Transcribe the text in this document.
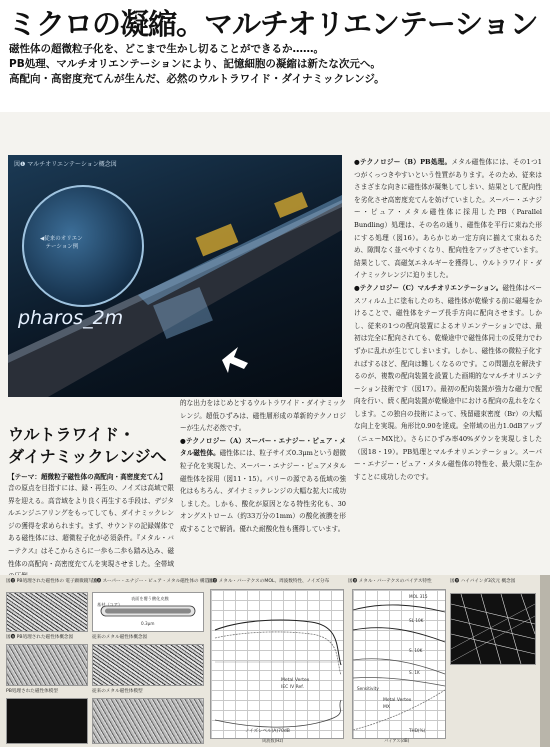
ミクロの凝縮。マルチオリエンテーション
磁性体の超微粒子化を、どこまで生かし切ることができるか……。
PB処理、マルチオリエンテーションにより、記憶細胞の凝縮は新たな次元へ。
高配向・高密度充てんが生んだ、必然のウルトラワイド・ダイナミックレンジ。
◀従来のオリエン
　テーション例
図❶ マルチオリエンテーション概念図
pharos_2m
●テクノロジー（B）PB処理。メタル磁性体には、その1つ1つがくっつきやすいという性質があります。そのため、従来はさまざまな向きに磁性体が凝集してしまい、結果として配向性を劣化させ高密度充てんを妨げていました。スーパー・エナジー・ピュア・メタル磁性体に採用したPB（Parallel Bundling）処理は、その名の通り、磁性体を平行に束ねた形にする処理（図16）。あらかじめ一定方向に揃えて束ねるため、隙間なく並べやすくなり、配向性をアップさせています。結果として、高磁気エネルギーを獲得し、ウルトラワイド・ダイナミックレンジに迫りました。
●テクノロジー（C）マルチオリエンテーション。磁性体はベースフィルム上に塗布したのち、磁性体が乾燥する前に磁場をかけることで、磁性体をテープ長手方向に配向させます。しかし、従来の1つの配向装置によるオリエンテーションでは、最初は完全に配向されても、乾燥途中で磁性体同士の反発力でわずかに乱れが生じてしまいます。しかし、磁性体の微粒子化すればするほど、配向は難しくなるのです。この問題点を解決するのが、複数の配向装置を設置した画期的なマルチオリエンテーション技術です（図17）。最初の配向装置が強力な磁力で配向を行い、続く配向装置が乾燥途中における配向の乱れをなくします。この独自の技術によって、残留磁束密度（Br）の大幅な向上を実現。角形比0.90を達成。全帯域の出力1.0dBアップ（ニューMX比）。さらにひずみ率40%ダウンを実現しました（図18・19）。PB処理とマルチオリエンテーション。スーパー・エナジー・ピュア・メタル磁性体の特性を、最大限に生かすことに成功したのです。
ウルトラワイド・
ダイナミックレンジへ
【テーマ：超微粒子磁性体の高配向・高密度充てん】
音の原点を目指すには、録・再生の、ノイズは高域で限界を迎える。高音域をより良く再生する手段は、デジタルエンジニアリングをもってしても、ダイナミックレンジの獲得を求められます。まず、サウンドの記録媒体である磁性体には、超微粒子化が必須条件。『メタル・バーテクス』はそこからさらに一歩も二歩も踏み込み、磁性体の高配向・高密度充てんを実現させました。全帯域
的な出力をはじめとするウルトラワイド・ダイナミックレンジ。超低ひずみは、磁性層形成の革新的テクノロジーが生んだ必然です。
●テクノロジー（A）スーパー・エナジー・ピュア・メタル磁性体。磁性体には、粒子サイズ0.3μmという超微粒子化を実現した、スーパー・エナジー・ピュアメタル磁性体を採用（図11・15）。パリーの源である低域の強化はもちろん、ダイナミックレンジの大幅な拡大に成功しました。しかも、酸化が原因となる特性劣化も、30オングストローム（約33万分の1mm）の酸化被膜を形成することで解消。優れた耐酸化性も獲得しています。
図⓭ PB処理された磁性体の 電子顕微鏡写真
図⓮ スーパー・エナジー・ピュア・メタル磁性体の 構造図
表面を覆う酸化皮膜
基材（コア）
0.3μm
図⓰ PB処理された磁性体概念図	従来のメタル磁性体概念図
PB処理された磁性体模型	従来のメタル磁性体模型
図⓯ メタル・バーテクスのMOL、周波数特性、ノイズ分布
Metal Vertex
IEC IV Ref.
ノイズレベル(A)70dB
周波数(Hz)
図⓲ メタル・バーテクスのバイアス特性
MOL 315
SL 10K
S. 10K
S. 1K
Sensitivity
THD(%)
Metal Vertex
MX
バイアス(dB)
図⓳ ハイバインダ3次元 概念図
